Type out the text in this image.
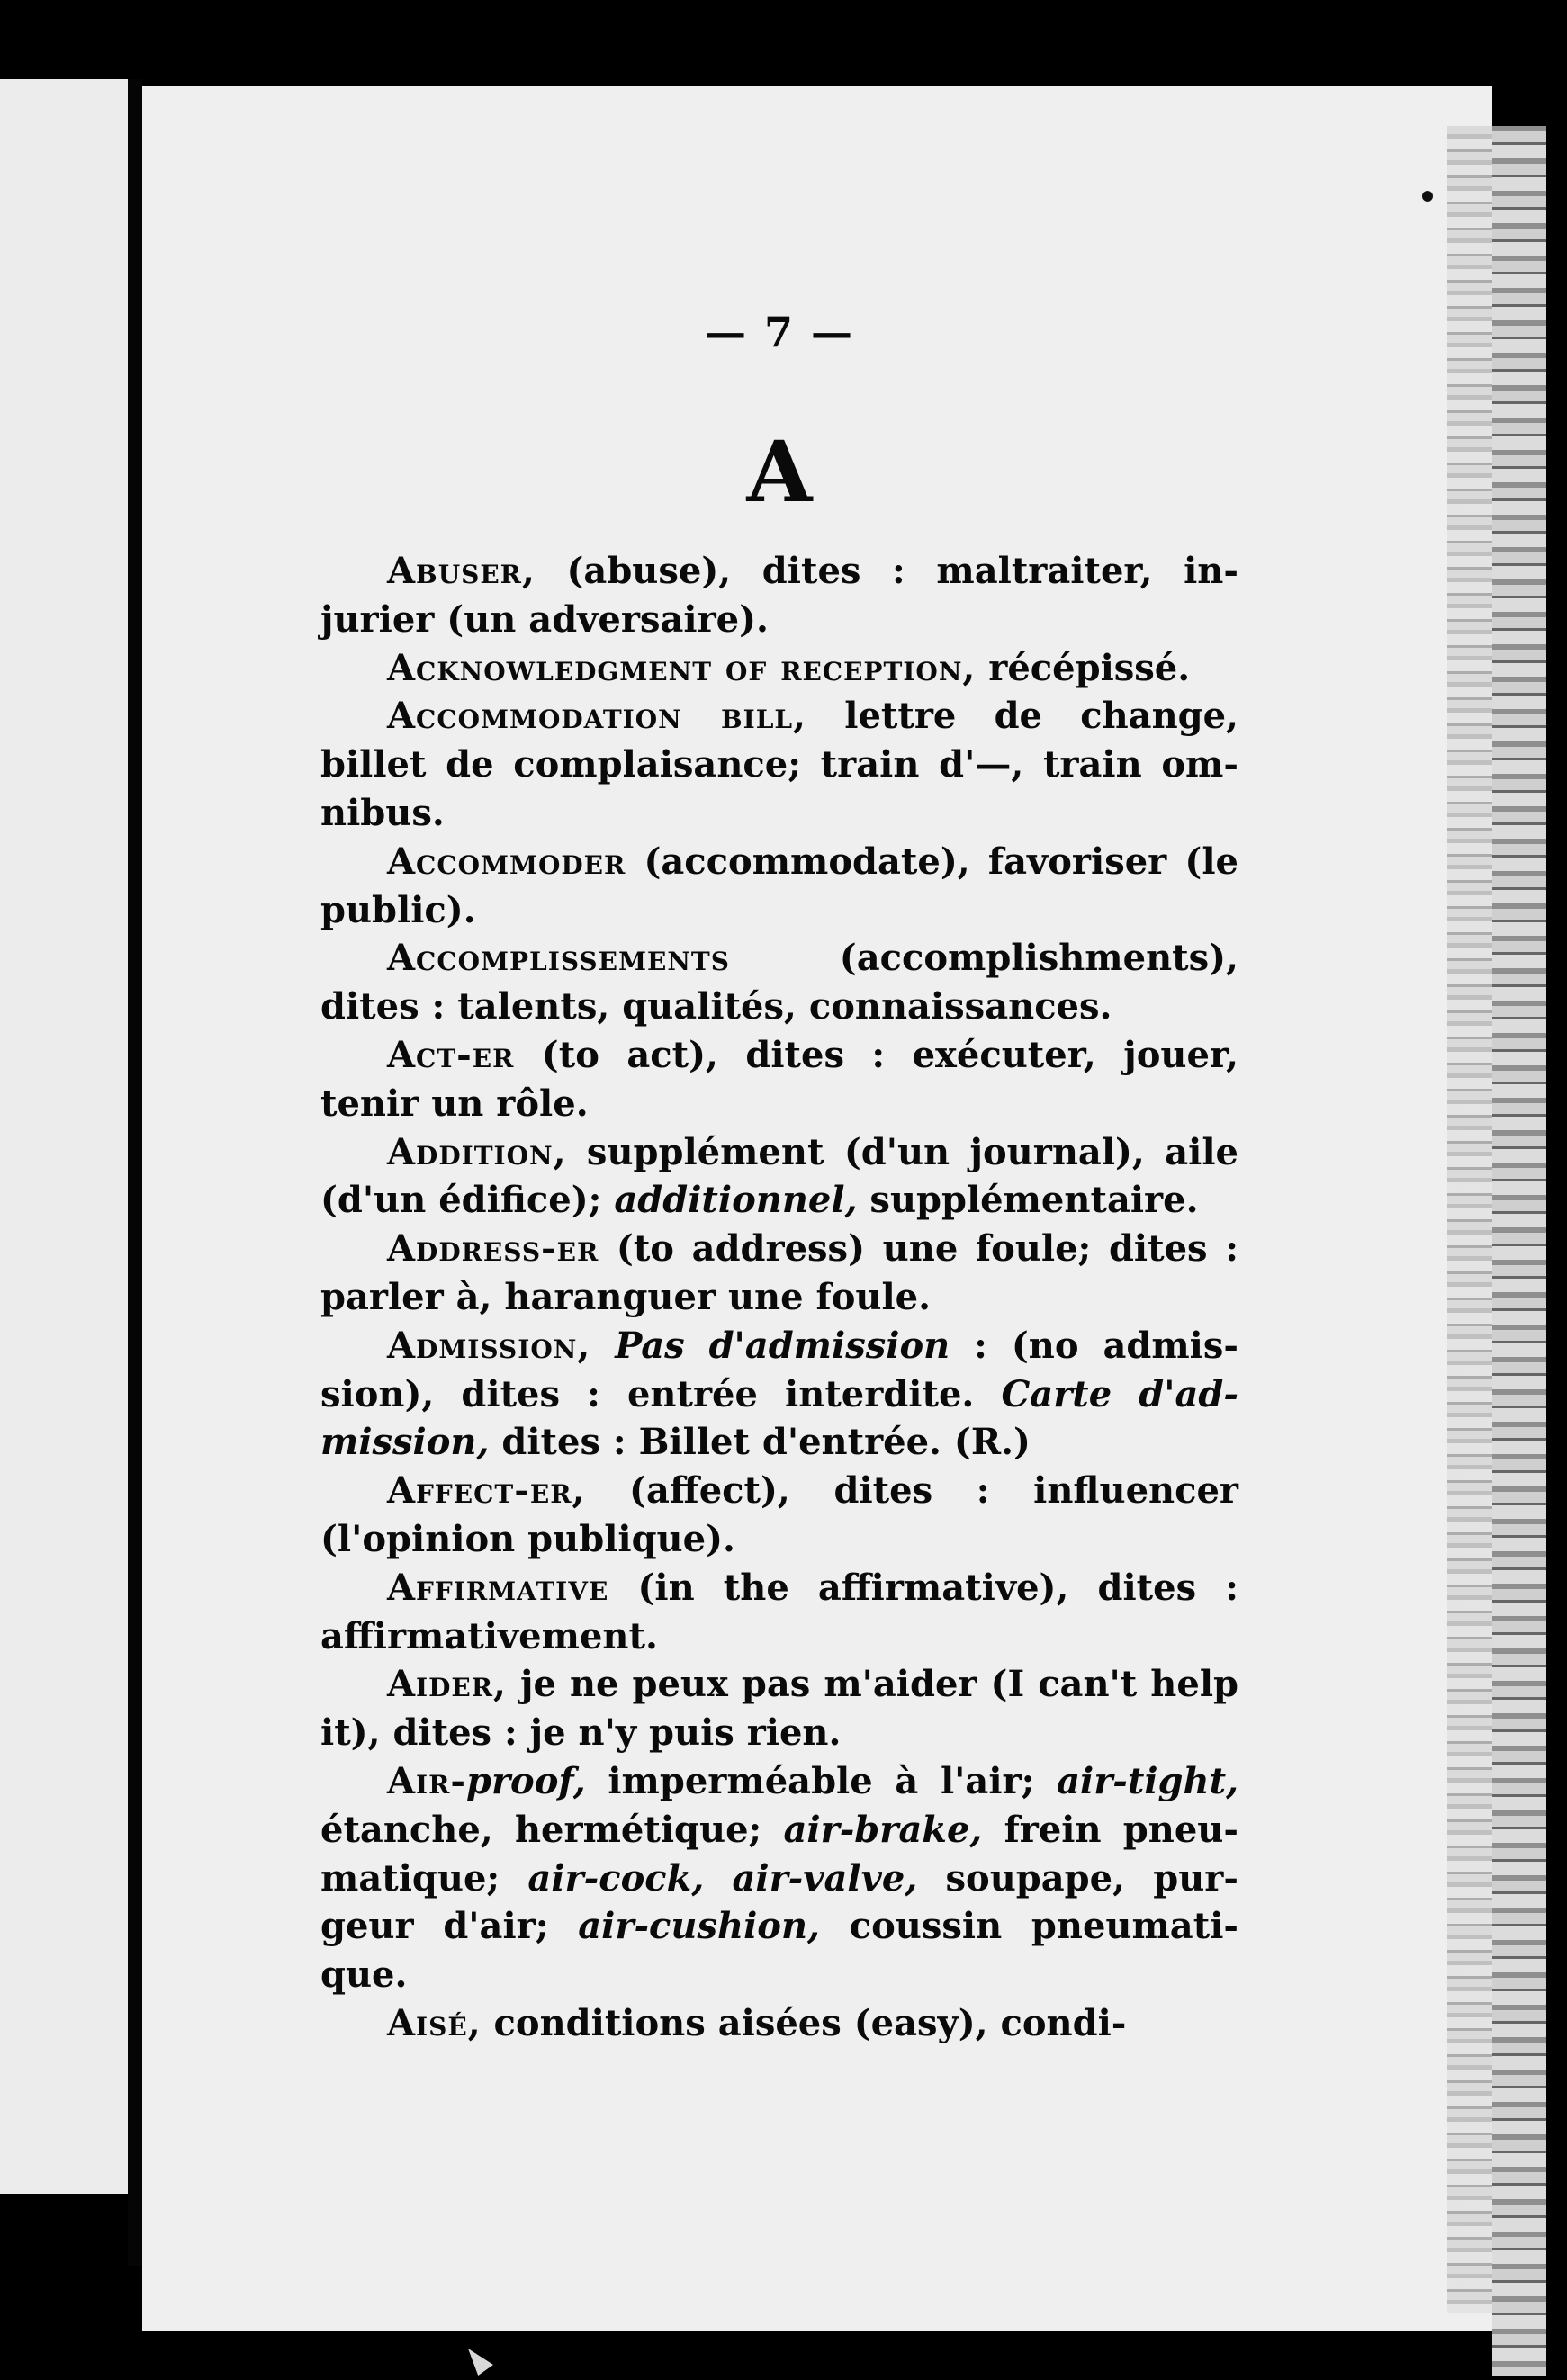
— 7 —
A

Abuser, (abuse), dites : maltraiter, injurier (un adversaire).

Acknowledgment of reception, récépissé.

Accommodation bill, lettre de change, billet de complaisance; train d'—, train omnibus.

Accommoder (accommodate), favoriser (le public).

Accomplissements (accomplishments), dites : talents, qualités, connaissances.

Act-er (to act), dites : exécuter, jouer, tenir un rôle.

Addition, supplément (d'un journal), aile (d'un édifice); additionnel, supplémentaire.

Address-er (to address) une foule; dites : parler à, haranguer une foule.

Admission, Pas d'admission : (no admission), dites : entrée interdite. Carte d'admission, dites : Billet d'entrée. (R.)

Affect-er, (affect), dites : influencer (l'opinion publique).

Affirmative (in the affirmative), dites : affirmativement.

Aider, je ne peux pas m'aider (I can't help it), dites : je n'y puis rien.

Air-proof, imperméable à l'air; air-tight, étanche, hermétique; air-brake, frein pneumatique; air-cock, air-valve, soupape, purgeur d'air; air-cushion, coussin pneumatique.

Aisé, conditions aisées (easy), condi-
